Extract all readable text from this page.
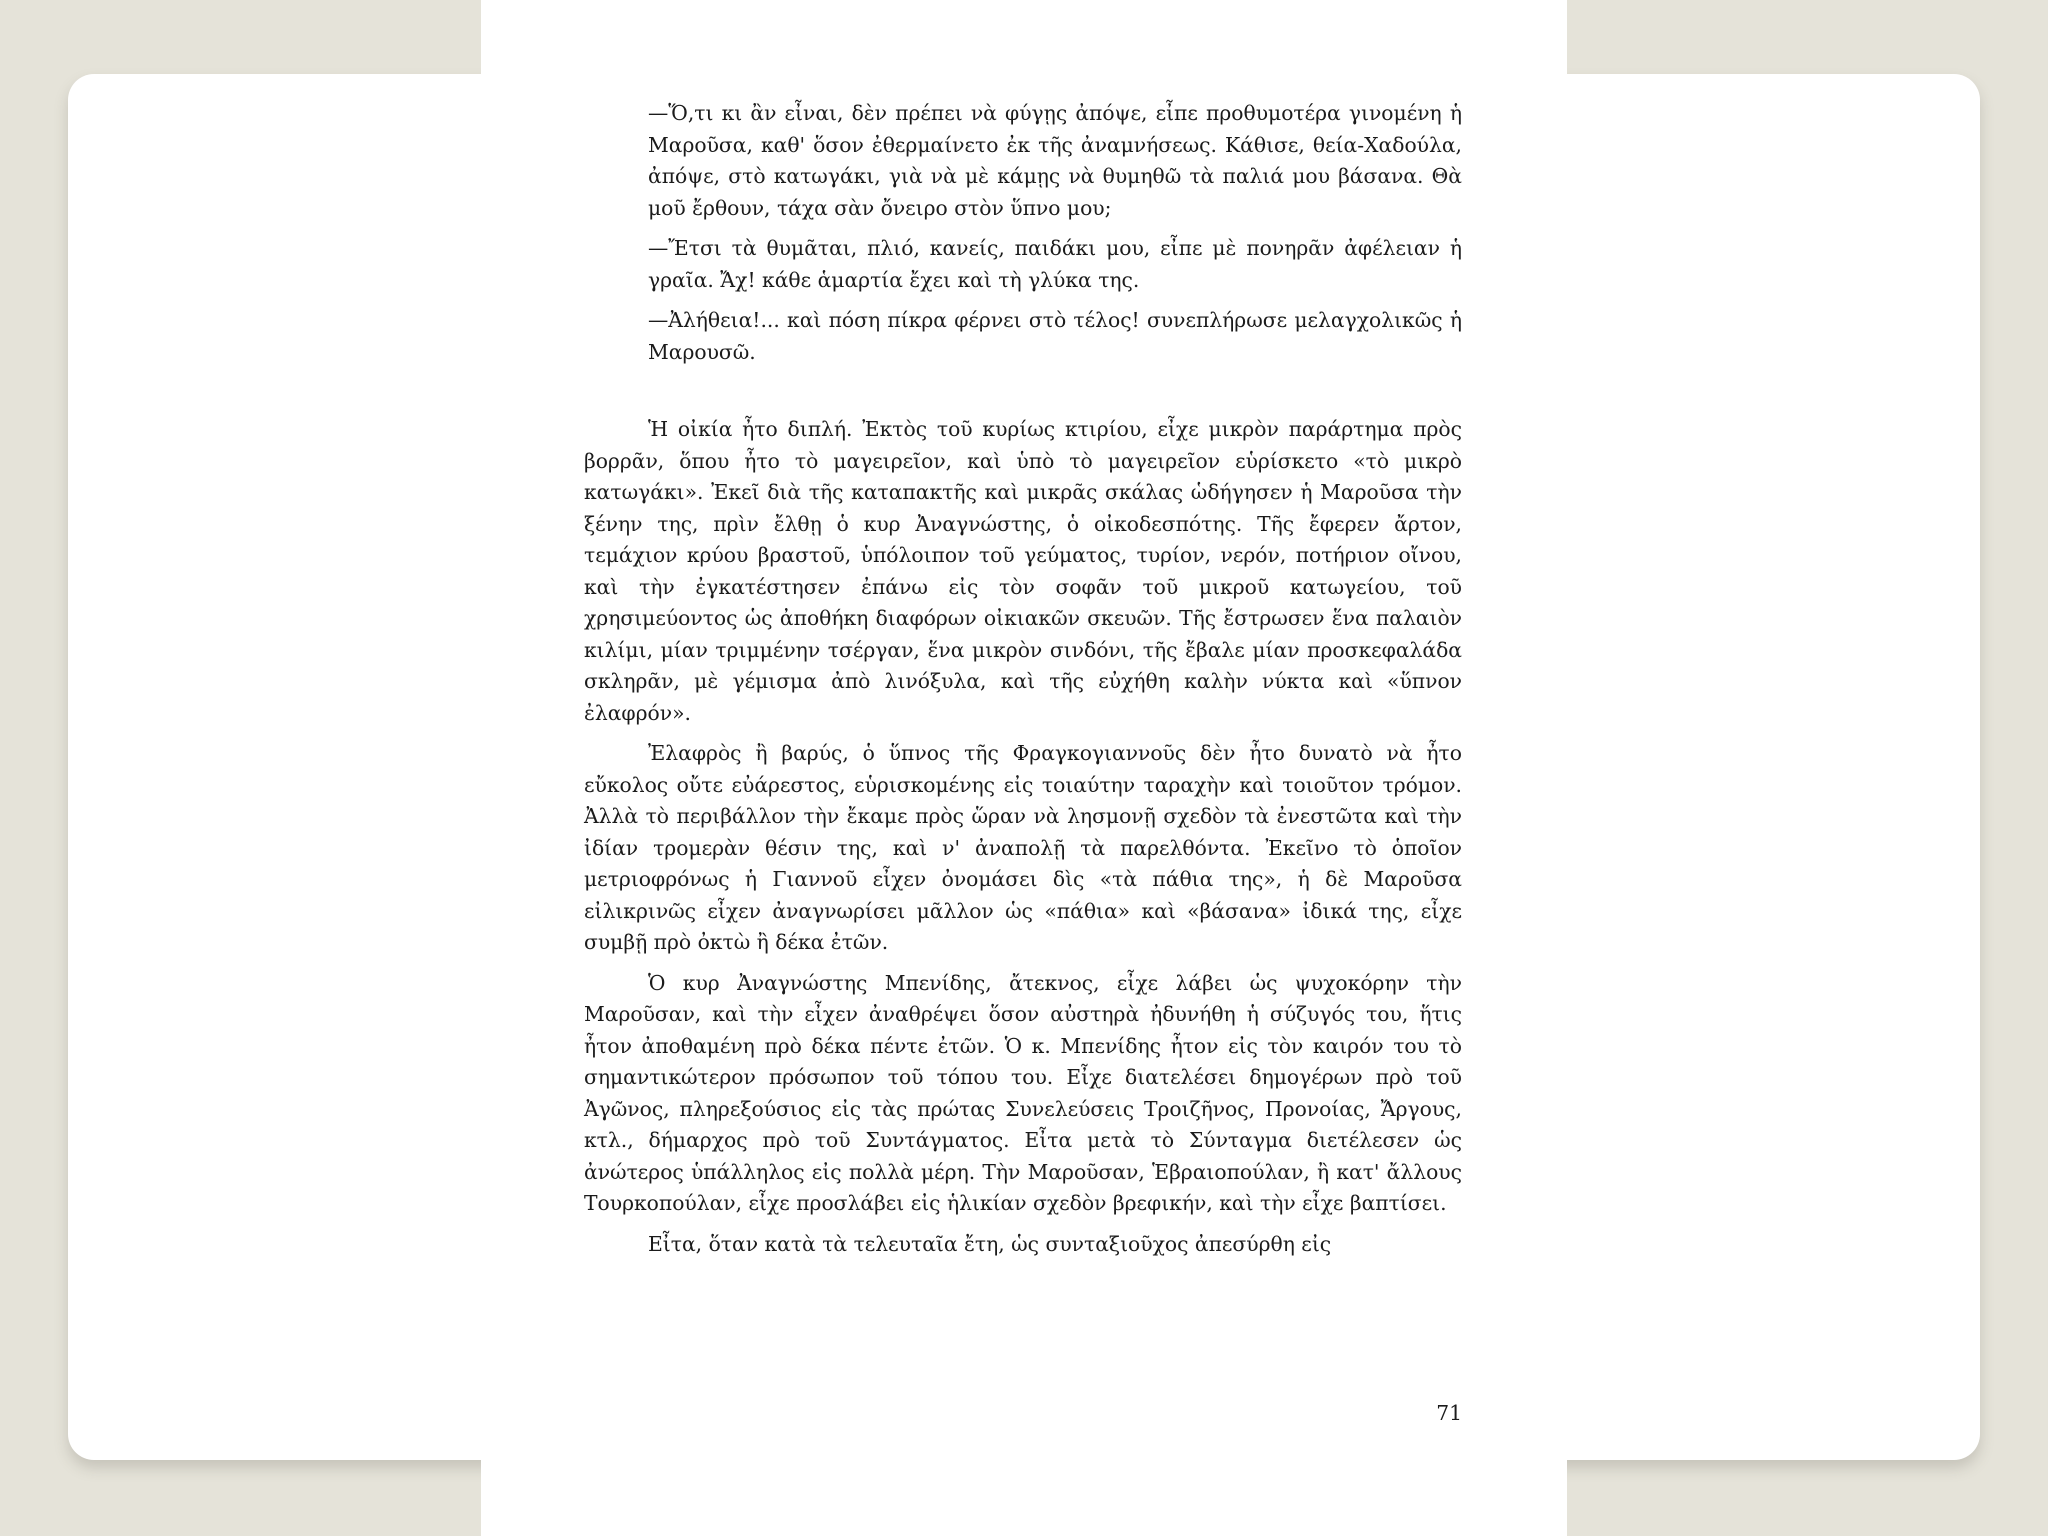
—Ὅ,τι κι ἂν εἶναι, δὲν πρέπει νὰ φύγῃς ἀπόψε, εἶπε προθυμοτέρα γινομένη ἡ Μαροῦσα, καθ' ὅσον ἐθερμαίνετο ἐκ τῆς ἀναμνήσεως. Κάθισε, θεία-Χαδούλα, ἀπόψε, στὸ κατωγάκι, γιὰ νὰ μὲ κάμῃς νὰ θυμηθῶ τὰ παλιά μου βάσανα. Θὰ μοῦ ἔρθουν, τάχα σὰν ὄνειρο στὸν ὕπνο μου;

—Ἔτσι τὰ θυμᾶται, πλιό, κανείς, παιδάκι μου, εἶπε μὲ πονηρᾶν ἀφέλειαν ἡ γραῖα. Ἄχ! κάθε ἁμαρτία ἔχει καὶ τὴ γλύκα της.

—Ἀλήθεια!... καὶ πόση πίκρα φέρνει στὸ τέλος! συνεπλήρωσε μελαγχολικῶς ἡ Μαρουσῶ.

Ἡ οἰκία ἦτο διπλή. Ἐκτὸς τοῦ κυρίως κτιρίου, εἶχε μικρὸν παράρτημα πρὸς βορρᾶν, ὅπου ἦτο τὸ μαγειρεῖον, καὶ ὑπὸ τὸ μαγειρεῖον εὑρίσκετο «τὸ μικρὸ κατωγάκι». Ἐκεῖ διὰ τῆς καταπακτῆς καὶ μικρᾶς σκάλας ὡδήγησεν ἡ Μαροῦσα τὴν ξένην της, πρὶν ἔλθῃ ὁ κυρ Ἀναγνώστης, ὁ οἰκοδεσπότης. Τῆς ἔφερεν ἄρτον, τεμάχιον κρύου βραστοῦ, ὑπόλοιπον τοῦ γεύματος, τυρίον, νερόν, ποτήριον οἴνου, καὶ τὴν ἐγκατέστησεν ἐπάνω εἰς τὸν σοφᾶν τοῦ μικροῦ κατωγείου, τοῦ χρησιμεύοντος ὡς ἀποθήκη διαφόρων οἰκιακῶν σκευῶν. Τῆς ἔστρωσεν ἕνα παλαιὸν κιλίμι, μίαν τριμμένην τσέργαν, ἕνα μικρὸν σινδόνι, τῆς ἔβαλε μίαν προσκεφαλάδα σκληρᾶν, μὲ γέμισμα ἀπὸ λινόξυλα, καὶ τῆς εὐχήθη καλὴν νύκτα καὶ «ὕπνον ἐλαφρόν».

Ἐλαφρὸς ἢ βαρύς, ὁ ὕπνος τῆς Φραγκογιαννοῦς δὲν ἦτο δυνατὸ νὰ ἦτο εὔκολος οὔτε εὐάρεστος, εὑρισκομένης εἰς τοιαύτην ταραχὴν καὶ τοιοῦτον τρόμον. Ἀλλὰ τὸ περιβάλλον τὴν ἔκαμε πρὸς ὥραν νὰ λησμονῇ σχεδὸν τὰ ἐνεστῶτα καὶ τὴν ἰδίαν τρομερὰν θέσιν της, καὶ ν' ἀναπολῇ τὰ παρελθόντα. Ἐκεῖνο τὸ ὁποῖον μετριοφρόνως ἡ Γιαννοῦ εἶχεν ὀνομάσει δὶς «τὰ πάθια της», ἡ δὲ Μαροῦσα εἰλικρινῶς εἶχεν ἀναγνωρίσει μᾶλλον ὡς «πάθια» καὶ «βάσανα» ἰδικά της, εἶχε συμβῇ πρὸ ὀκτὼ ἢ δέκα ἐτῶν.

Ὁ κυρ Ἀναγνώστης Μπενίδης, ἄτεκνος, εἶχε λάβει ὡς ψυχοκόρην τὴν Μαροῦσαν, καὶ τὴν εἶχεν ἀναθρέψει ὅσον αὐστηρὰ ἠδυνήθη ἡ σύζυγός του, ἥτις ἦτον ἀποθαμένη πρὸ δέκα πέντε ἐτῶν. Ὁ κ. Μπενίδης ἦτον εἰς τὸν καιρόν του τὸ σημαντικώτερον πρόσωπον τοῦ τόπου του. Εἶχε διατελέσει δημογέρων πρὸ τοῦ Ἀγῶνος, πληρεξούσιος εἰς τὰς πρώτας Συνελεύσεις Τροιζῆνος, Προνοίας, Ἄργους, κτλ., δήμαρχος πρὸ τοῦ Συντάγματος. Εἶτα μετὰ τὸ Σύνταγμα διετέλεσεν ὡς ἀνώτερος ὑπάλληλος εἰς πολλὰ μέρη. Τὴν Μαροῦσαν, Ἑβραιοπούλαν, ἢ κατ' ἄλλους Τουρκοπούλαν, εἶχε προσλάβει εἰς ἡλικίαν σχεδὸν βρεφικήν, καὶ τὴν εἶχε βαπτίσει.

Εἶτα, ὅταν κατὰ τὰ τελευταῖα ἔτη, ὡς συνταξιοῦχος ἀπεσύρθη εἰς

71
